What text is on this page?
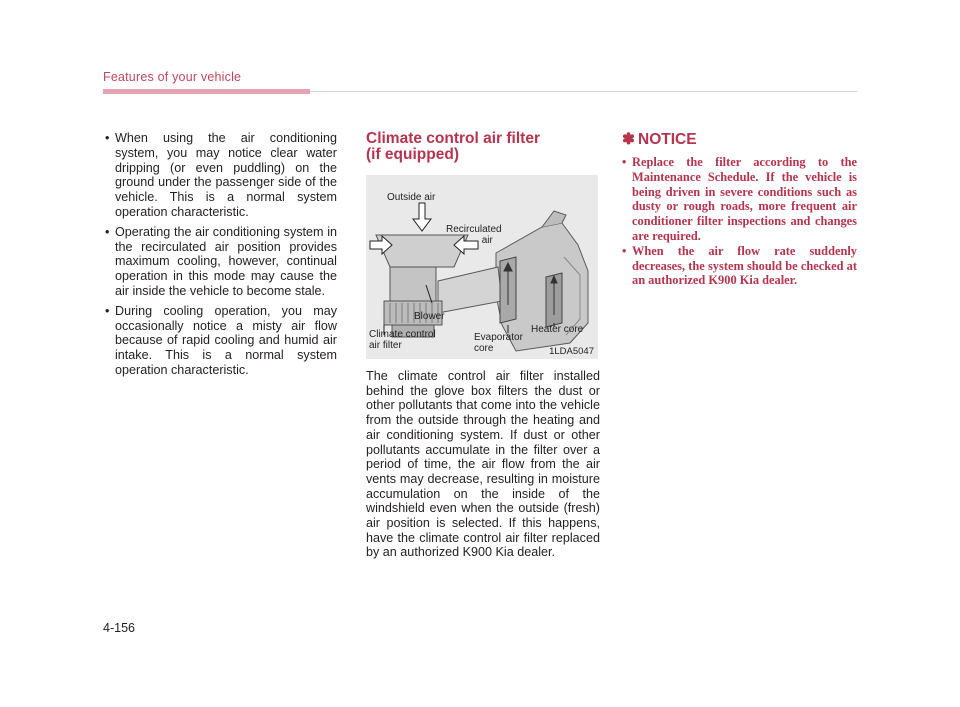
Features of your vehicle
• When using the air conditioning system, you may notice clear water dripping (or even puddling) on the ground under the passenger side of the vehicle. This is a normal system operation characteristic.
• Operating the air conditioning system in the recirculated air position provides maximum cooling, however, continual operation in this mode may cause the air inside the vehicle to become stale.
• During cooling operation, you may occasionally notice a misty air flow because of rapid cooling and humid air intake. This is a normal system operation characteristic.
Climate control air filter
(if equipped)
Outside air
Recirculated
air
Blower
Climate control
air filter
Evaporator
core
Heater core
1LDA5047

The climate control air filter installed behind the glove box filters the dust or other pollutants that come into the vehicle from the outside through the heating and air conditioning system. If dust or other pollutants accumulate in the filter over a period of time, the air flow from the air vents may decrease, resulting in moisture accumulation on the inside of the windshield even when the outside (fresh) air position is selected. If this happens, have the climate control air filter replaced by an authorized K900 Kia dealer.

✽ NOTICE
• Replace the filter according to the Maintenance Schedule. If the vehicle is being driven in severe conditions such as dusty or rough roads, more frequent air conditioner filter inspections and changes are required.
• When the air flow rate suddenly decreases, the system should be checked at an authorized K900 Kia dealer.
4-156
